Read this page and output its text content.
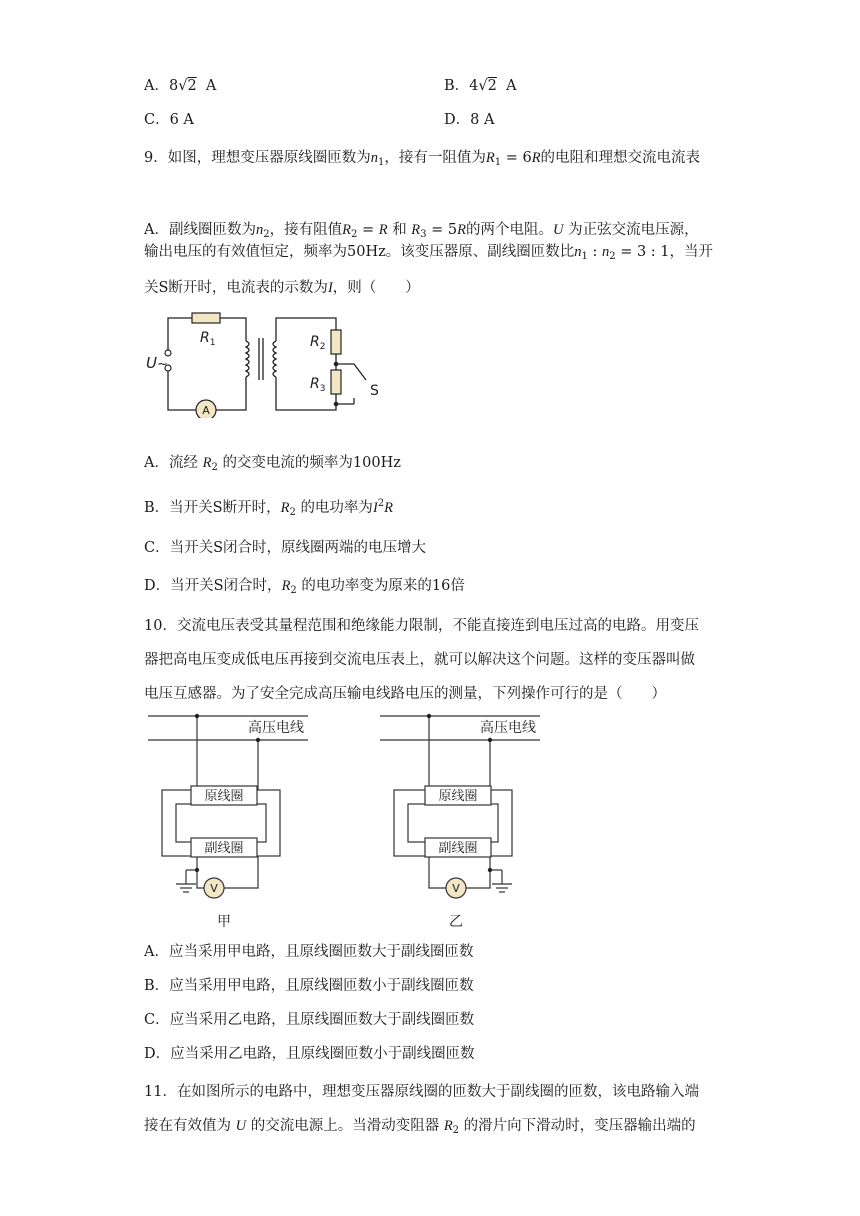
A．8√2 A	B．4√2 A
C．6 A	D．8 A
9．如图，理想变压器原线圈匝数为$n_1$，接有一阻值为$R_1 = 6R$的电阻和理想交流电流表
A．副线圈匝数为$n_2$，接有阻值$R_2 = R$ 和 $R_3 = 5R$的两个电阻。U 为正弦交流电压源，
输出电压的有效值恒定，频率为50Hz。该变压器原、副线圈匝数比$n_1$ : $n_2 = 3$ : 1，当开
关S断开时，电流表的示数为I，则（　　）
A
$R_1$	$R_2$
$R_3$
U~
S
A．流经 $R_2$ 的交变电流的频率为100Hz
B．当开关S断开时，$R_2$ 的电功率为$I^2R$
C．当开关S闭合时，原线圈两端的电压增大
D．当开关S闭合时，$R_2$ 的电功率变为原来的16倍
10．交流电压表受其量程范围和绝缘能力限制，不能直接连到电压过高的电路。用变压
器把高电压变成低电压再接到交流电压表上，就可以解决这个问题。这样的变压器叫做
电压互感器。为了安全完成高压输电线路电压的测量，下列操作可行的是（　　）
原线圈
副线圈
原线圈
副线圈
V	V
高压电线	高压电线
甲	乙
A．应当采用甲电路，且原线圈匝数大于副线圈匝数
B．应当采用甲电路，且原线圈匝数小于副线圈匝数
C．应当采用乙电路，且原线圈匝数大于副线圈匝数
D．应当采用乙电路，且原线圈匝数小于副线圈匝数
11．在如图所示的电路中，理想变压器原线圈的匝数大于副线圈的匝数，该电路输入端
接在有效值为 U 的交流电源上。当滑动变阻器 $R_2$ 的滑片向下滑动时，变压器输出端的
